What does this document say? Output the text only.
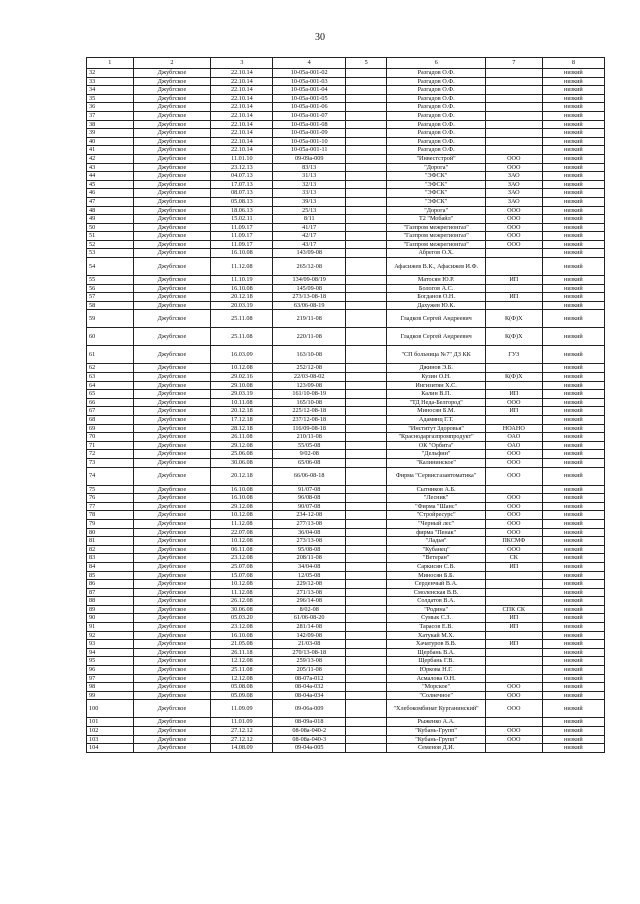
30
1	2	3	4	5	6	7	8
32	Джубгское	22.10.14	10-05a-001-02		Разгадов О.Ф.		низкий
33	Джубгское	22.10.14	10-05a-001-03		Разгадов О.Ф.		низкий
34	Джубгское	22.10.14	10-05a-001-04		Разгадов О.Ф.		низкий
35	Джубгское	22.10.14	10-05a-001-05		Разгадов О.Ф.		низкий
36	Джубгское	22.10.14	10-05a-001-06		Разгадов О.Ф.		низкий
37	Джубгское	22.10.14	10-05a-001-07		Разгадов О.Ф.		низкий
38	Джубгское	22.10.14	10-05a-001-08		Разгадов О.Ф.		низкий
39	Джубгское	22.10.14	10-05a-001-09		Разгадов О.Ф.		низкий
40	Джубгское	22.10.14	10-05a-001-10		Разгадов О.Ф.		низкий
41	Джубгское	22.10.14	10-05a-001-11		Разгадов О.Ф.		низкий
42	Джубгское	11.01.10	09-09a-009		"Инвестстрой"	ООО	низкий
43	Джубгское	23.12.13	83/13		"Дорога"	ООО	низкий
44	Джубгское	04.07.13	31/13		"ЭФСК"	ЗАО	низкий
45	Джубгское	17.07.13	32/13		"ЭФСК"	ЗАО	низкий
46	Джубгское	08.07.13	33/13		"ЭФСК"	ЗАО	низкий
47	Джубгское	05.08.13	39/13		"ЭФСК"	ЗАО	низкий
48	Джубгское	18.06.13	25/13		"Дорога"	ООО	низкий
49	Джубгское	15.02.11	8/11		Т2 "Мобайл"	ООО	низкий
50	Джубгское	11.09.17	41/17		"Газпром межрегионгаз"	ООО	низкий
51	Джубгское	11.09.17	42/17		"Газпром межрегионгаз"	ООО	низкий
52	Джубгское	11.09.17	43/17		"Газпром межрегионгаз"	ООО	низкий
53	Джубгское	16.10.08	143/09-08		Абрегов О.Х.		низкий
54	Джубгское	11.12.08	265/12-08		Афасижев В.К., Афасижев И.Ф.		низкий
55	Джубгское	11.10.19	134/09-08/19		Матосян Ю.Р.	ИП	низкий
56	Джубгское	16.10.08	145/09-08		Бологов А.С.		низкий
57	Джубгское	20.12.18	273/13-08-18		Богданов О.Н.	ИП	низкий
58	Джубгское	20.03.19	63/06-08-19		Дахужев Ю.К.		низкий
59	Джубгское	25.11.08	219/11-08		Гладков Сергей Андреевич	К(Ф)Х	низкий
60	Джубгское	25.11.08	220/11-08		Гладков Сергей Андреевич	К(Ф)Х	низкий
61	Джубгское	16.03.09	163/10-08		"СП больница №7" ДЗ КК	ГУЗ	низкий
62	Джубгское	10.12.08	252/12-08		Джинов Э.Б.		низкий
63	Джубгское	29.02.16	22/03-08-02		Кузин О.Н.	К(Ф)Х	низкий
64	Джубгское	29.10.08	123/09-08		Ингизитян Х.С.		низкий
65	Джубгское	29.03.19	161/10-08-19		Калин В.П.	ИП	низкий
66	Джубгское	10.11.08	165/10-08		"ТД Неда-Белгород"	ООО	низкий
67	Джубгское	20.12.18	225/12-08-18		Миносян Б.М.	ИП	низкий
68	Джубгское	17.12.18	237/12-08-18		Адамянц Г.Т.		низкий
69	Джубгское	28.12.18	116/09-08-18		"Институт Здоровья"	НОАНО	низкий
70	Джубгское	26.11.08	210/11-08		"Краснодаргазпромпродукт"	ОАО	низкий
71	Джубгское	29.12.08	55/05-08		ОК "Орбита"	ОАО	низкий
72	Джубгское	25.06.08	9/02-08		"Дельфин"	ООО	низкий
73	Джубгское	30.06.08	65/06-08		"Калининское"	ООО	низкий
74	Джубгское	20.12.18	66/06-08-18		Фирма "Сервисгазавтоматика"	ООО	низкий
75	Джубгское	16.10.08	91/07-08		Сытников А.Б.		низкий
76	Джубгское	16.10.08	96/08-08		"Лесник"	ООО	низкий
77	Джубгское	29.12.08	90/07-08		"Фирма "Шанс"	ООО	низкий
78	Джубгское	10.12.08	234-12-08		"Стройресурс"	ООО	низкий
79	Джубгское	11.12.08	277/13-08		"Черный лес"	ООО	низкий
80	Джубгское	22.07.08	36/04-08		фирма "Пенак"	ООО	низкий
81	Джубгское	10.12.08	273/13-08		"Ладья"	ПКСМФ	низкий
82	Джубгское	06.11.08	95/08-08		"Кубанец"	ООО	низкий
83	Джубгское	23.12.08	208/11-08		"Ветеран"	СК	низкий
84	Джубгское	25.07.08	34/04-08		Саркисян С.В.	ИП	низкий
85	Джубгское	15.07.08	12/05-08		Миносян Б.Б.		низкий
86	Джубгское	10.12.08	229/12-08		Серденчый В.А.		низкий
87	Джубгское	11.12.08	271/13-08		Смоленская В.В.		низкий
88	Джубгское	26.12.08	296/14-08		Солдатов В.А.		низкий
89	Джубгское	30.06.08	8/02-08		"Родина"	СПК СК	низкий
90	Джубгское	05.03.20	61/06-08-20		Сумык С.З.	ИП	низкий
91	Джубгское	23.12.08	281/14-08		Тарасов Е.В.	ИП	низкий
92	Джубгское	16.10.08	142/09-08		Хатукай М.Х.		низкий
93	Джубгское	21.05.08	21/03-08		Хачатуров В.В.	ИП	низкий
94	Джубгское	26.11.18	270/13-08-18		Щербань В.А.		низкий
95	Джубгское	12.12.08	259/13-08		Щербань Г.В.		низкий
96	Джубгское	25.11.08	205/11-08		Юркова Н.Г.		низкий
97	Джубгское	12.12.08	08-07a-012		Асмалова О.Н.		низкий
98	Джубгское	05.08.08	08-04a-032		"Морское"	ООО	низкий
99	Джубгское	05.09.08	08-04a-034		"Солнечное"	ООО	низкий
100	Джубгское	11.09.09	09-06a-009		"Хлебокомбинат Курганинский"	ООО	низкий
101	Джубгское	11.01.09	08-09a-018		Рыженко А.А.		низкий
102	Джубгское	27.12.12	08-08a-040-2		"Кубань-Групп"	ООО	низкий
103	Джубгское	27.12.12	08-08a-040-3		"Кубань-Групп"	ООО	низкий
104	Джубгское	14.08.09	09-04a-005		Семенов Д.И.		низкий
